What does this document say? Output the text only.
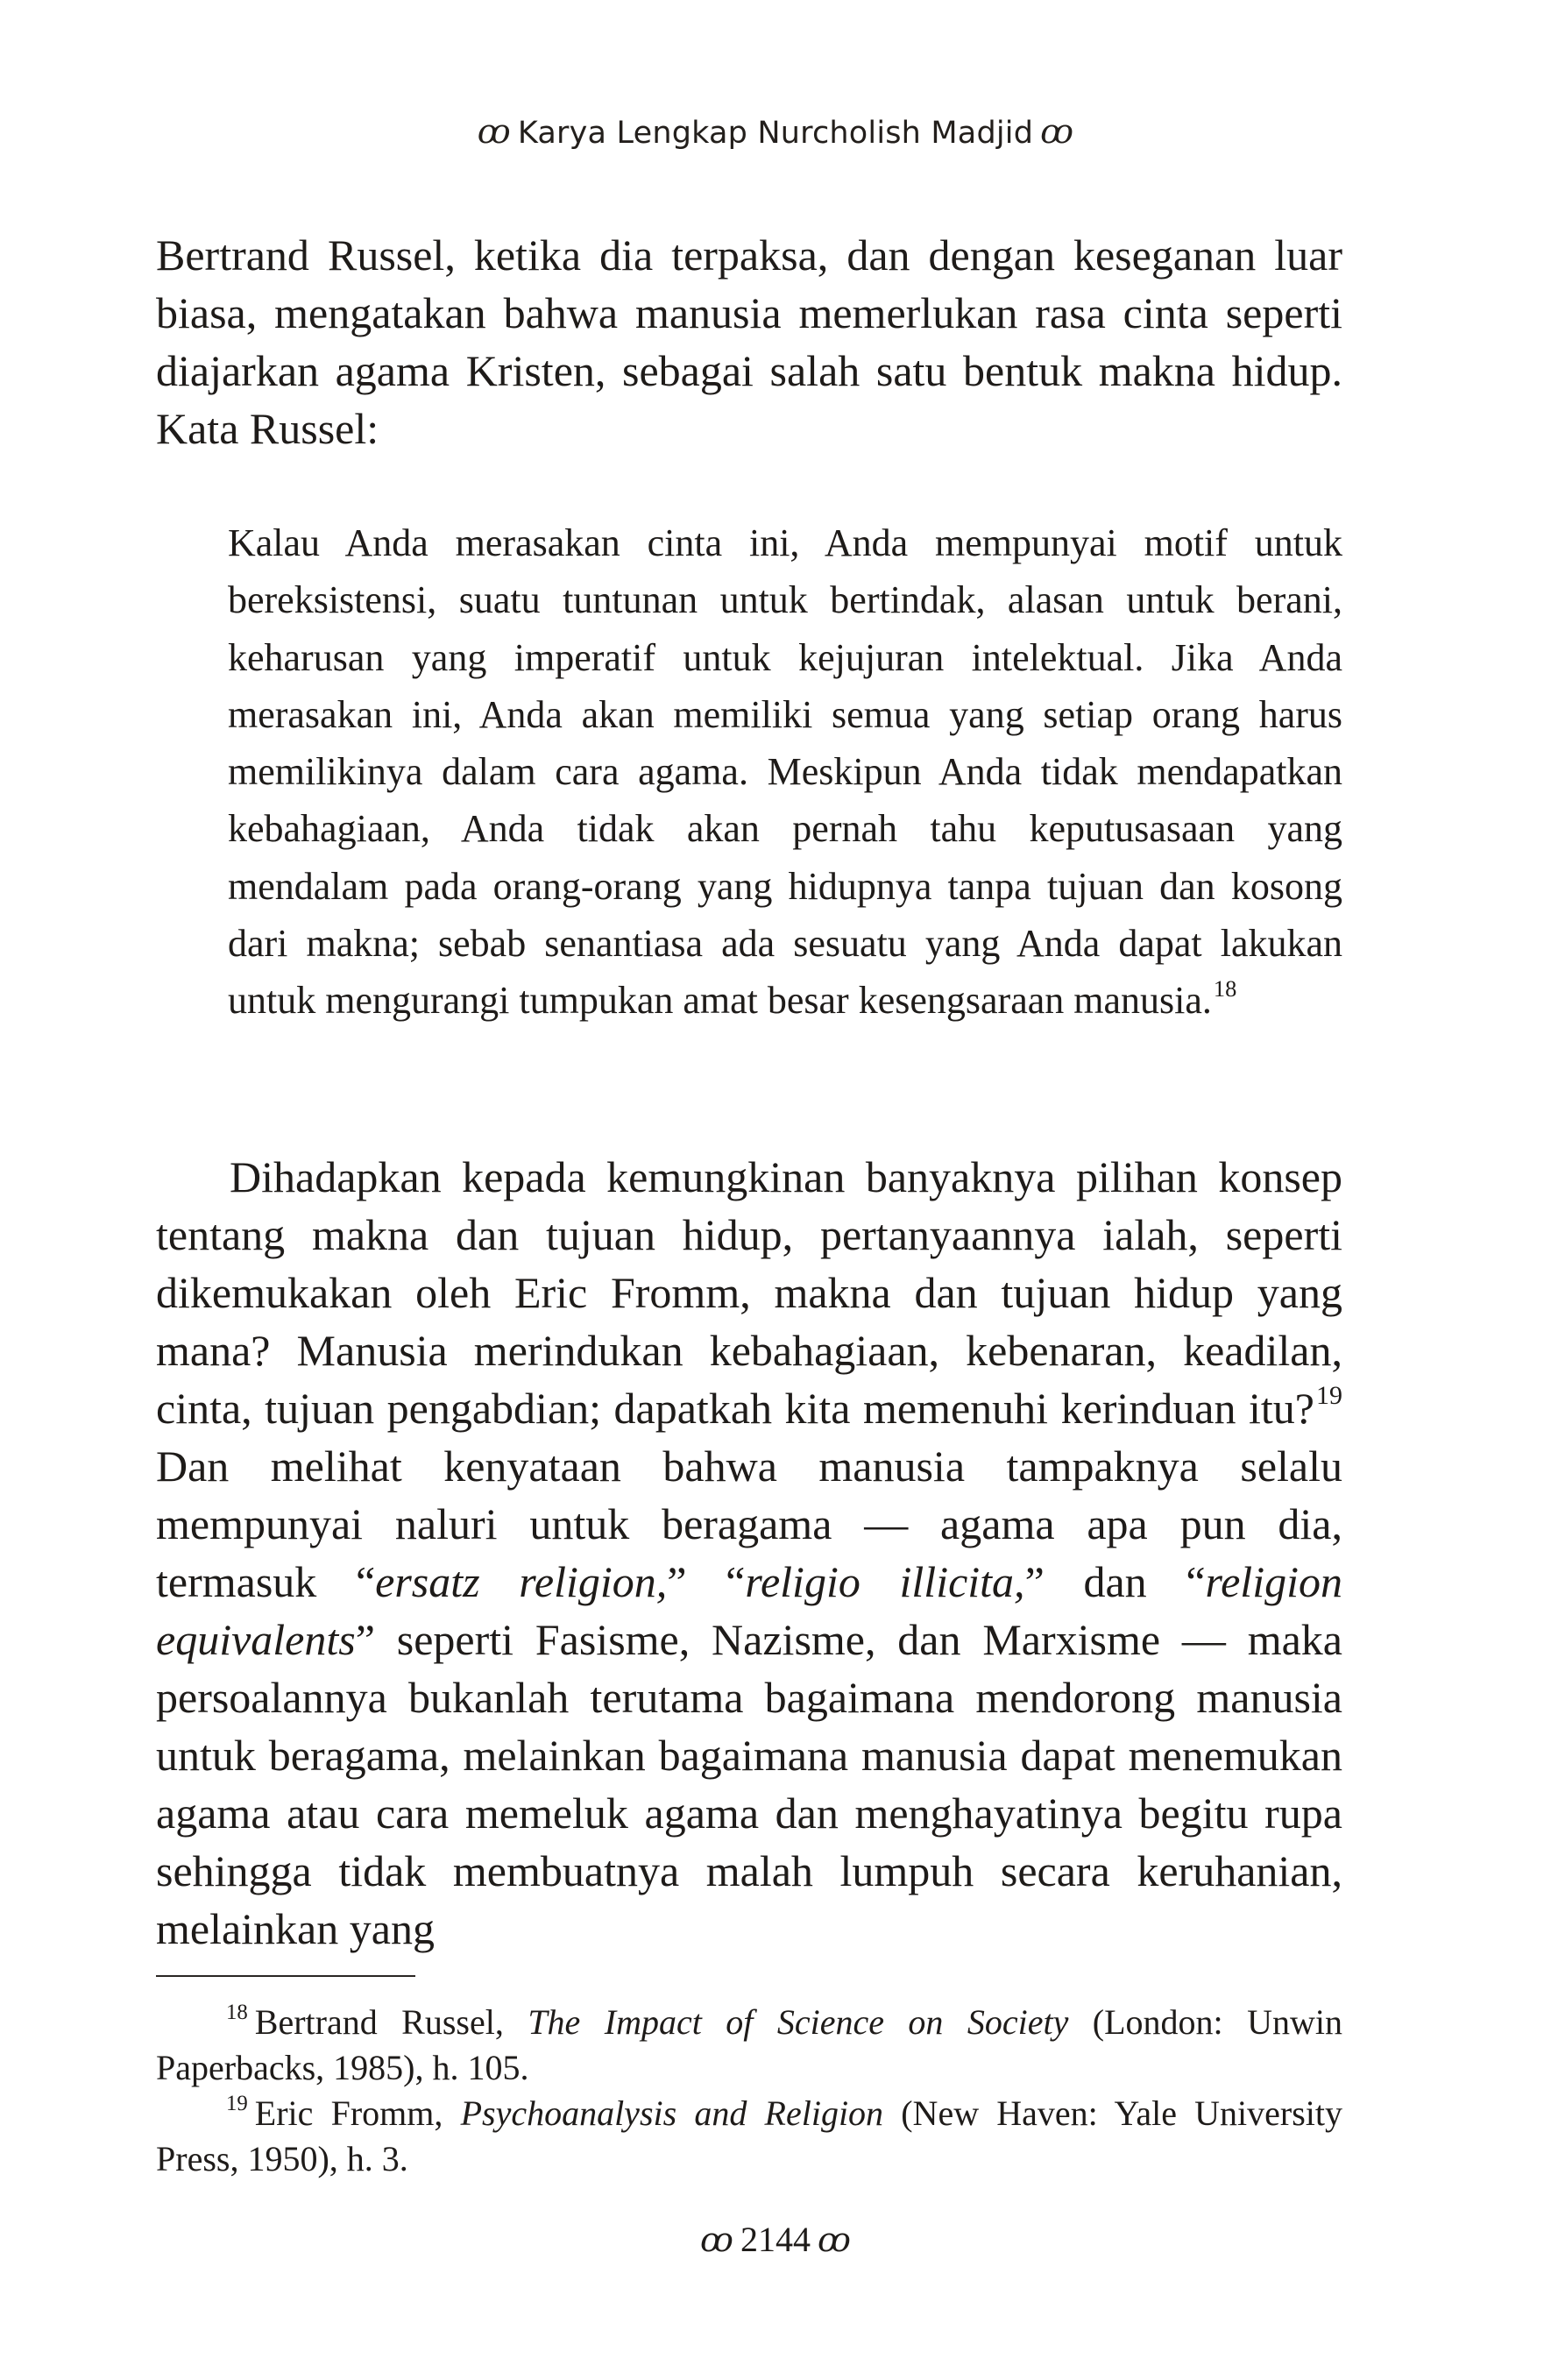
ꝏ Karya Lengkap Nurcholish Madjid ꝏ

Bertrand Russel, ketika dia terpaksa, dan dengan keseganan luar biasa, mengatakan bahwa manusia memerlukan rasa cinta seperti diajarkan agama Kristen, sebagai salah satu bentuk makna hidup. Kata Russel:

Kalau Anda merasakan cinta ini, Anda mempunyai motif untuk bereksistensi, suatu tuntunan untuk bertindak, alasan untuk berani, keharusan yang imperatif untuk kejujuran intelektual. Jika Anda merasakan ini, Anda akan memiliki semua yang setiap orang harus memilikinya dalam cara agama. Meskipun Anda tidak mendapatkan kebahagiaan, Anda tidak akan pernah tahu keputusasaan yang mendalam pada orang-orang yang hidupnya tanpa tujuan dan kosong dari makna; sebab senantiasa ada sesuatu yang Anda dapat lakukan untuk mengurangi tumpukan amat besar kesengsaraan manusia.$^{18}$

Dihadapkan kepada kemungkinan banyaknya pilihan konsep tentang makna dan tujuan hidup, pertanyaannya ialah, seperti dikemukakan oleh Eric Fromm, makna dan tujuan hidup yang mana? Manusia merindukan kebahagiaan, kebenaran, keadilan, cinta, tujuan pengabdian; dapatkah kita memenuhi kerinduan itu?$^{19}$ Dan melihat kenyataan bahwa manusia tampaknya selalu mempunyai naluri untuk beragama — agama apa pun dia, termasuk “ersatz religion,” “religio illicita,” dan “religion equivalents” seperti Fasisme, Nazisme, dan Marxisme — maka persoalannya bukanlah terutama bagaimana mendorong manusia untuk beragama, melainkan bagaimana manusia dapat menemukan agama atau cara memeluk agama dan menghayatinya begitu rupa sehingga tidak membuatnya malah lumpuh secara keruhanian, melainkan yang

$^{18}$ Bertrand Russel, The Impact of Science on Society (London: Unwin Paperbacks, 1985), h. 105.

$^{19}$ Eric Fromm, Psychoanalysis and Religion (New Haven: Yale University Press, 1950), h. 3.

ꝏ 2144 ꝏ
